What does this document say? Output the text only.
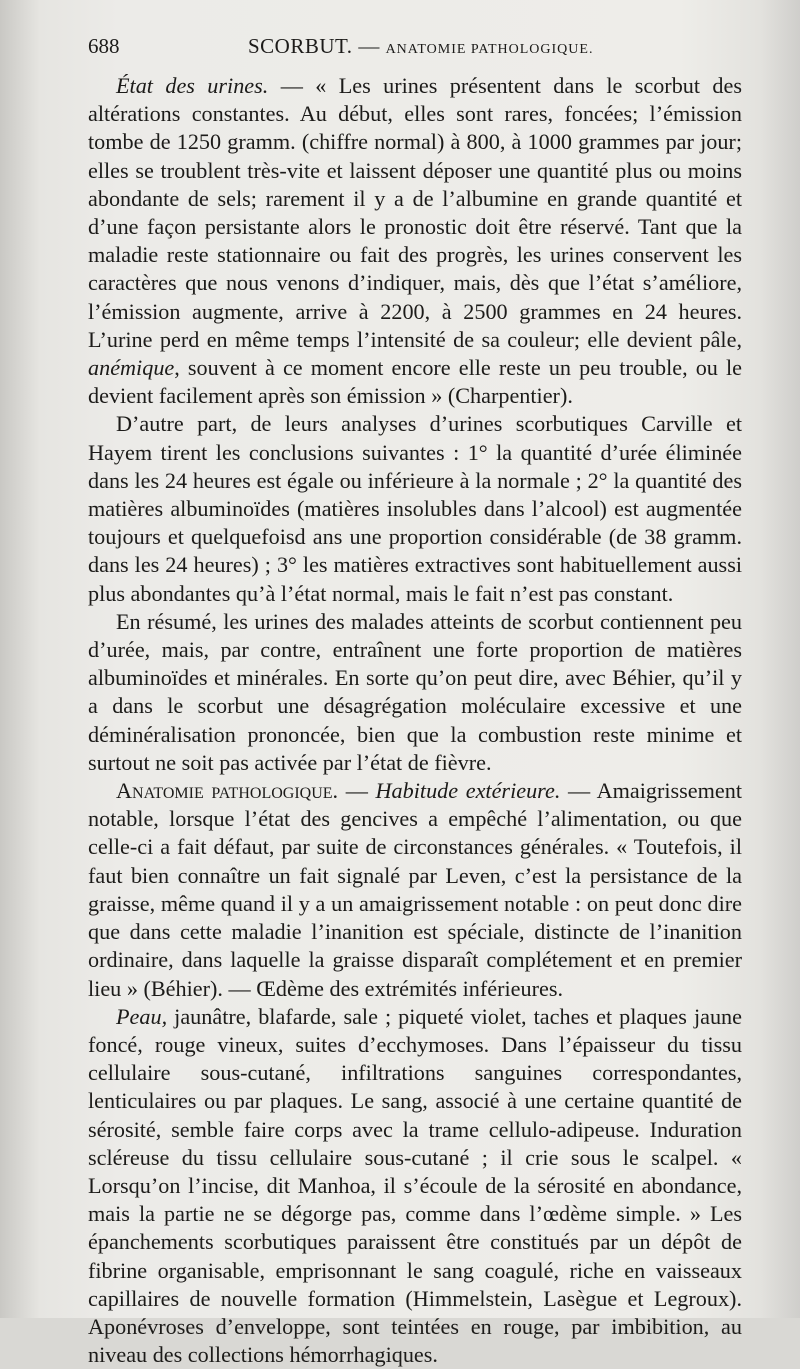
688	SCORBUT. — ANATOMIE PATHOLOGIQUE.

État des urines. — « Les urines présentent dans le scorbut des altérations constantes. Au début, elles sont rares, foncées; l’émission tombe de 1250 gramm. (chiffre normal) à 800, à 1000 grammes par jour; elles se troublent très-vite et laissent déposer une quantité plus ou moins abondante de sels; rarement il y a de l’albumine en grande quantité et d’une façon persistante alors le pronostic doit être réservé. Tant que la maladie reste stationnaire ou fait des progrès, les urines conservent les caractères que nous venons d’indiquer, mais, dès que l’état s’améliore, l’émission augmente, arrive à 2200, à 2500 grammes en 24 heures. L’urine perd en même temps l’intensité de sa couleur; elle devient pâle, anémique, souvent à ce moment encore elle reste un peu trouble, ou le devient facilement après son émission » (Charpentier).

D’autre part, de leurs analyses d’urines scorbutiques Carville et Hayem tirent les conclusions suivantes : 1° la quantité d’urée éliminée dans les 24 heures est égale ou inférieure à la normale ; 2° la quantité des matières albuminoïdes (matières insolubles dans l’alcool) est augmentée toujours et quelquefoisd ans une proportion considérable (de 38 gramm. dans les 24 heures) ; 3° les matières extractives sont habituellement aussi plus abondantes qu’à l’état normal, mais le fait n’est pas constant.

En résumé, les urines des malades atteints de scorbut contiennent peu d’urée, mais, par contre, entraînent une forte proportion de matières albuminoïdes et minérales. En sorte qu’on peut dire, avec Béhier, qu’il y a dans le scorbut une désagrégation moléculaire excessive et une déminéralisation prononcée, bien que la combustion reste minime et surtout ne soit pas activée par l’état de fièvre.

Anatomie pathologique. — Habitude extérieure. — Amaigrissement notable, lorsque l’état des gencives a empêché l’alimentation, ou que celle-ci a fait défaut, par suite de circonstances générales. « Toutefois, il faut bien connaître un fait signalé par Leven, c’est la persistance de la graisse, même quand il y a un amaigrissement notable : on peut donc dire que dans cette maladie l’inanition est spéciale, distincte de l’inanition ordinaire, dans laquelle la graisse disparaît complétement et en premier lieu » (Béhier). — Œdème des extrémités inférieures.

Peau, jaunâtre, blafarde, sale ; piqueté violet, taches et plaques jaune foncé, rouge vineux, suites d’ecchymoses. Dans l’épaisseur du tissu cellulaire sous-cutané, infiltrations sanguines correspondantes, lenticulaires ou par plaques. Le sang, associé à une certaine quantité de sérosité, semble faire corps avec la trame cellulo-adipeuse. Induration scléreuse du tissu cellulaire sous-cutané ; il crie sous le scalpel. « Lorsqu’on l’incise, dit Manhoa, il s’écoule de la sérosité en abondance, mais la partie ne se dégorge pas, comme dans l’œdème simple. » Les épanchements scorbutiques paraissent être constitués par un dépôt de fibrine organisable, emprisonnant le sang coagulé, riche en vaisseaux capillaires de nouvelle formation (Himmelstein, Lasègue et Legroux). Aponévroses d’enveloppe, sont teintées en rouge, par imbibition, au niveau des collections hémorrhagiques.
